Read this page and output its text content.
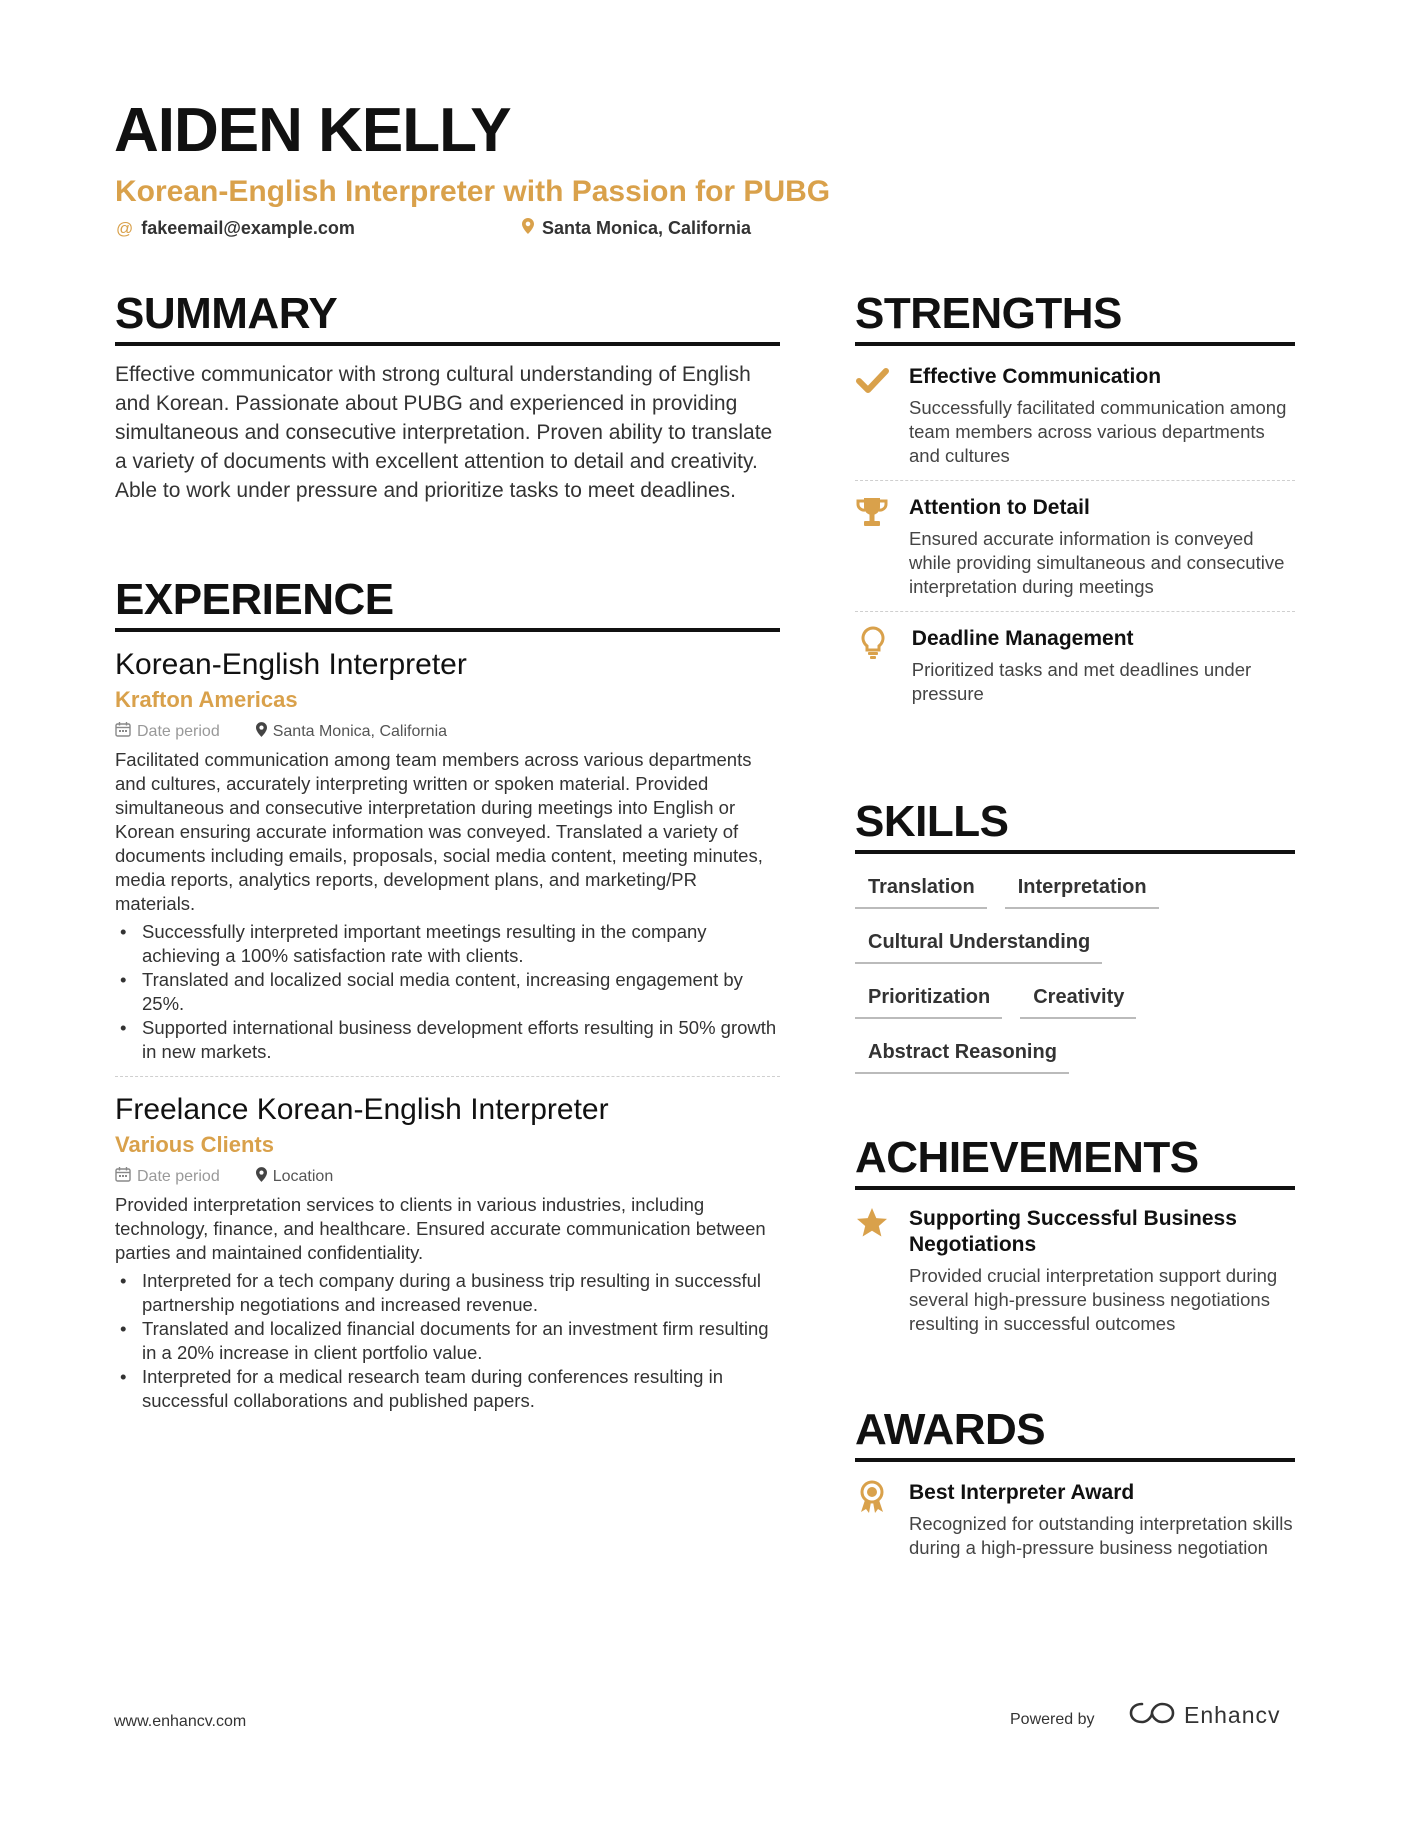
AIDEN KELLY
Korean-English Interpreter with Passion for PUBG
@ fakeemail@example.com	Santa Monica, California
SUMMARY
Effective communicator with strong cultural understanding of English and Korean. Passionate about PUBG and experienced in providing simultaneous and consecutive interpretation. Proven ability to translate a variety of documents with excellent attention to detail and creativity. Able to work under pressure and prioritize tasks to meet deadlines.
EXPERIENCE
Korean-English Interpreter
Krafton Americas
Date period	Santa Monica, California
Facilitated communication among team members across various departments and cultures, accurately interpreting written or spoken material. Provided simultaneous and consecutive interpretation during meetings into English or Korean ensuring accurate information was conveyed. Translated a variety of documents including emails, proposals, social media content, meeting minutes, media reports, analytics reports, development plans, and marketing/PR materials.
• Successfully interpreted important meetings resulting in the company achieving a 100% satisfaction rate with clients.
• Translated and localized social media content, increasing engagement by 25%.
• Supported international business development efforts resulting in 50% growth in new markets.
Freelance Korean-English Interpreter
Various Clients
Date period	Location
Provided interpretation services to clients in various industries, including technology, finance, and healthcare. Ensured accurate communication between parties and maintained confidentiality.
• Interpreted for a tech company during a business trip resulting in successful partnership negotiations and increased revenue.
• Translated and localized financial documents for an investment firm resulting in a 20% increase in client portfolio value.
• Interpreted for a medical research team during conferences resulting in successful collaborations and published papers.
STRENGTHS
Effective Communication
Successfully facilitated communication among team members across various departments and cultures
Attention to Detail
Ensured accurate information is conveyed while providing simultaneous and consecutive interpretation during meetings
Deadline Management
Prioritized tasks and met deadlines under pressure
SKILLS
Translation	Interpretation
Cultural Understanding
Prioritization	Creativity
Abstract Reasoning
ACHIEVEMENTS
Supporting Successful Business Negotiations
Provided crucial interpretation support during several high-pressure business negotiations resulting in successful outcomes
AWARDS
Best Interpreter Award
Recognized for outstanding interpretation skills during a high-pressure business negotiation
www.enhancv.com	Powered by	Enhancv
